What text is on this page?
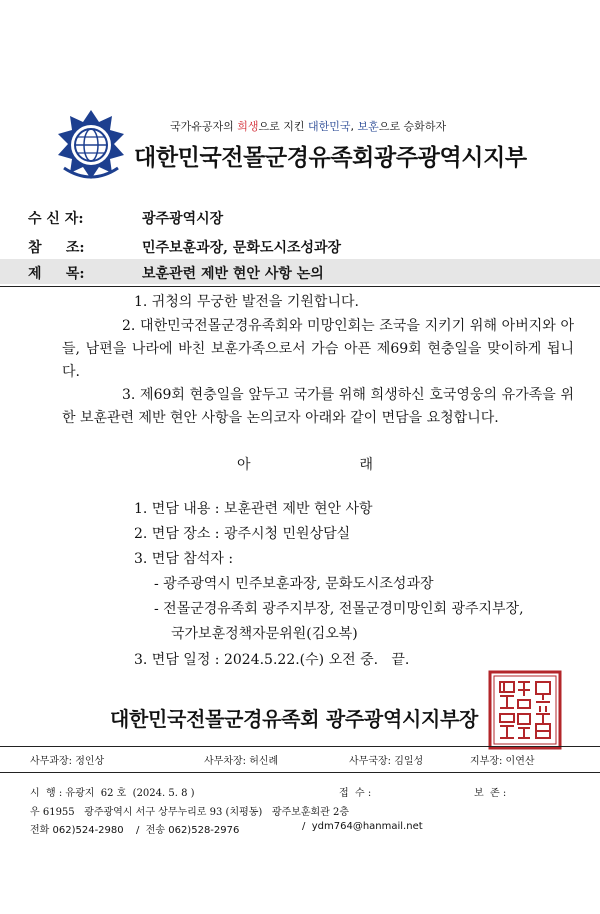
국가유공자의 희생으로 지킨 대한민국, 보훈으로 승화하자
대한민국전몰군경유족회광주광역시지부
수 신 자:	광주광역시장
참     조:	민주보훈과장, 문화도시조성과장
제     목:	보훈관련 제반 현안 사항 논의
1. 귀청의 무궁한 발전을 기원합니다.
2. 대한민국전몰군경유족회와 미망인회는 조국을 지키기 위해 아버지와 아들, 남편을 나라에 바친 보훈가족으로서 가슴 아픈 제69회 현충일을 맞이하게 됩니다.
3. 제69회 현충일을 앞두고 국가를 위해 희생하신 호국영웅의 유가족을 위한 보훈관련 제반 현안 사항을 논의코자 아래와 같이 면담을 요청합니다.
아	래
1. 면담 내용 : 보훈관련 제반 현안 사항
2. 면담 장소 : 광주시청 민원상담실
3. 면담 참석자 :
- 광주광역시 민주보훈과장, 문화도시조성과장
- 전몰군경유족회 광주지부장, 전몰군경미망인회 광주지부장,
국가보훈정책자문위원(김오복)
3. 면담 일정 : 2024.5.22.(수) 오전 중.   끝.
대한민국전몰군경유족회 광주광역시지부장
사무과장: 정인상	사무차장: 허신례	사무국장: 김일성	지부장: 이연산
시  행 : 유광지  62 호  (2024. 5. 8 )	접  수 :	보  존 :
우 61955   광주광역시 서구 상무누리로 93 (치평동)   광주보훈회관 2층
전화 062)524-2980 /  전송 062)528-2976	/  ydm764@hanmail.net
